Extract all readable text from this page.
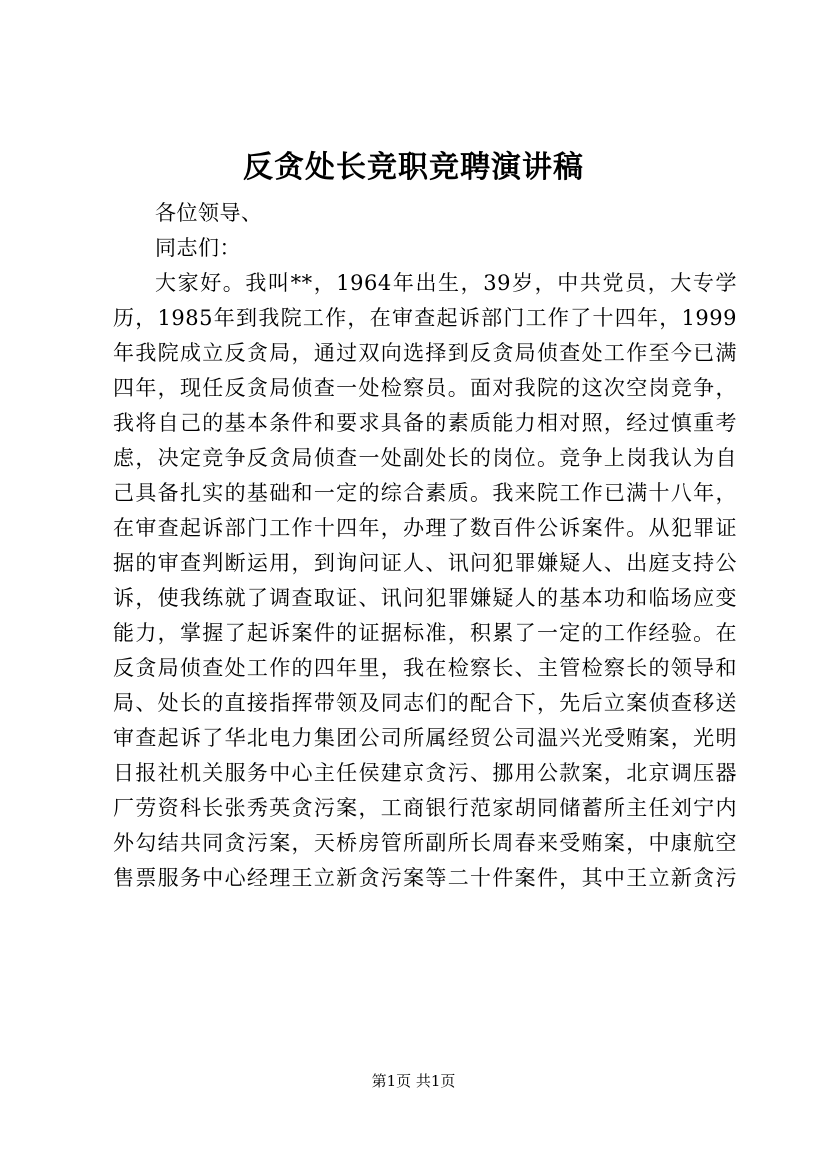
反贪处长竞职竞聘演讲稿
各位领导、
同志们：
大家好。我叫**，1964年出生，39岁，中共党员，大专学
历，1985年到我院工作，在审查起诉部门工作了十四年，1999
年我院成立反贪局，通过双向选择到反贪局侦查处工作至今已满
四年，现任反贪局侦查一处检察员。面对我院的这次空岗竞争，
我将自己的基本条件和要求具备的素质能力相对照，经过慎重考
虑，决定竞争反贪局侦查一处副处长的岗位。竞争上岗我认为自
己具备扎实的基础和一定的综合素质。我来院工作已满十八年，
在审查起诉部门工作十四年，办理了数百件公诉案件。从犯罪证
据的审查判断运用，到询问证人、讯问犯罪嫌疑人、出庭支持公
诉，使我练就了调查取证、讯问犯罪嫌疑人的基本功和临场应变
能力，掌握了起诉案件的证据标准，积累了一定的工作经验。在
反贪局侦查处工作的四年里，我在检察长、主管检察长的领导和
局、处长的直接指挥带领及同志们的配合下，先后立案侦查移送
审查起诉了华北电力集团公司所属经贸公司温兴光受贿案，光明
日报社机关服务中心主任侯建京贪污、挪用公款案，北京调压器
厂劳资科长张秀英贪污案，工商银行范家胡同储蓄所主任刘宁内
外勾结共同贪污案，天桥房管所副所长周春来受贿案，中康航空
售票服务中心经理王立新贪污案等二十件案件，其中王立新贪污
第1页 共1页
